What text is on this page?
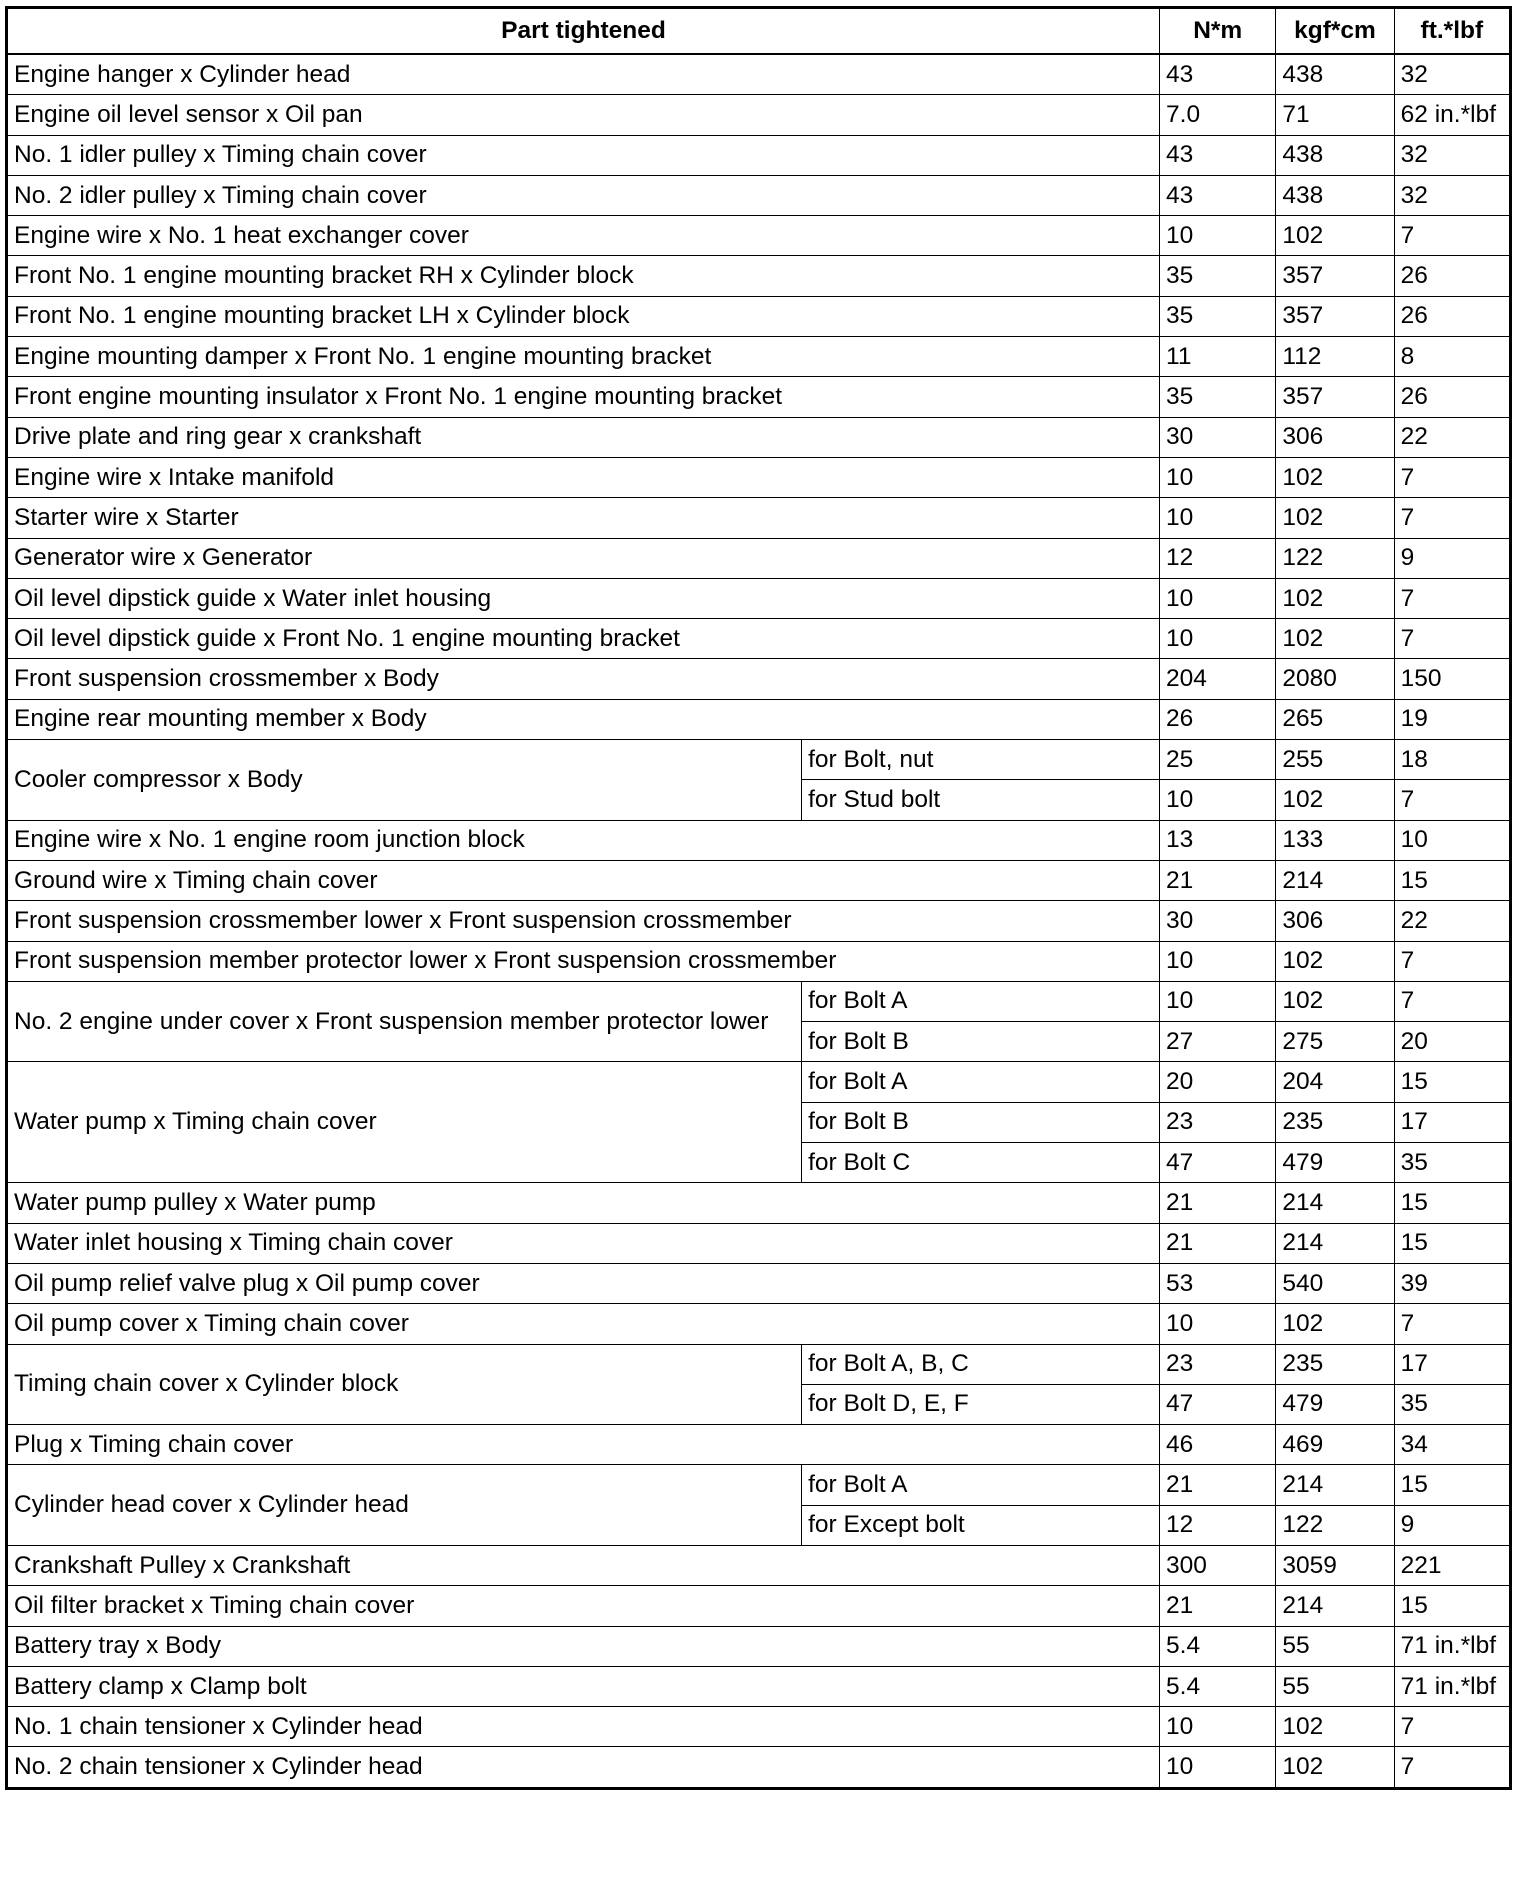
Part tightened		N*m	kgf*cm	ft.*lbf
Engine hanger x Cylinder head		43	438	32
Engine oil level sensor x Oil pan		7.0	71	62 in.*lbf
No. 1 idler pulley x Timing chain cover		43	438	32
No. 2 idler pulley x Timing chain cover		43	438	32
Engine wire x No. 1 heat exchanger cover		10	102	7
Front No. 1 engine mounting bracket RH x Cylinder block		35	357	26
Front No. 1 engine mounting bracket LH x Cylinder block		35	357	26
Engine mounting damper x Front No. 1 engine mounting bracket		11	112	8
Front engine mounting insulator x Front No. 1 engine mounting bracket		35	357	26
Drive plate and ring gear x crankshaft		30	306	22
Engine wire x Intake manifold		10	102	7
Starter wire x Starter		10	102	7
Generator wire x Generator		12	122	9
Oil level dipstick guide x Water inlet housing		10	102	7
Oil level dipstick guide x Front No. 1 engine mounting bracket		10	102	7
Front suspension crossmember x Body		204	2080	150
Engine rear mounting member x Body		26	265	19
Cooler compressor x Body	for Bolt, nut	25	255	18
	for Stud bolt	10	102	7
Engine wire x No. 1 engine room junction block		13	133	10
Ground wire x Timing chain cover		21	214	15
Front suspension crossmember lower x Front suspension crossmember		30	306	22
Front suspension member protector lower x Front suspension crossmember		10	102	7
No. 2 engine under cover x Front suspension member protector lower	for Bolt A	10	102	7
	for Bolt B	27	275	20
Water pump x Timing chain cover	for Bolt A	20	204	15
	for Bolt B	23	235	17
	for Bolt C	47	479	35
Water pump pulley x Water pump		21	214	15
Water inlet housing x Timing chain cover		21	214	15
Oil pump relief valve plug x Oil pump cover		53	540	39
Oil pump cover x Timing chain cover		10	102	7
Timing chain cover x Cylinder block	for Bolt A, B, C	23	235	17
	for Bolt D, E, F	47	479	35
Plug x Timing chain cover		46	469	34
Cylinder head cover x Cylinder head	for Bolt A	21	214	15
	for Except bolt	12	122	9
Crankshaft Pulley x Crankshaft		300	3059	221
Oil filter bracket x Timing chain cover		21	214	15
Battery tray x Body		5.4	55	71 in.*lbf
Battery clamp x Clamp bolt		5.4	55	71 in.*lbf
No. 1 chain tensioner x Cylinder head		10	102	7
No. 2 chain tensioner x Cylinder head		10	102	7
